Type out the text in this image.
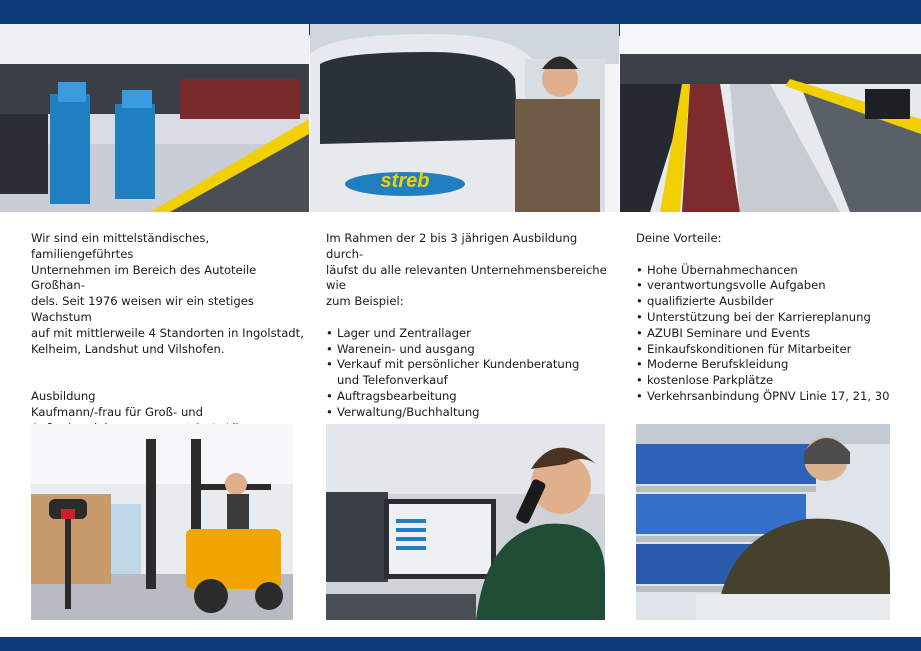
streb

Wir sind ein mittelständisches, familiengeführtes

Unternehmen im Bereich des Autoteile Großhan-

dels. Seit 1976 weisen wir ein stetiges Wachstum

auf mit mittlerweile 4 Standorten in Ingolstadt,

Kelheim, Landshut und Vilshofen.

Ausbildung

Kaufmann/-frau für Groß- und

Im Rahmen der 2 bis 3 jährigen Ausbildung durch-

läufst du alle relevanten Unternehmensbereiche wie

zum Beispiel:

• Lager und Zentrallager
• Warenein- und ausgang
• Verkauf mit persönlicher Kundenberatung
und Telefonverkauf
• Auftragsbearbeitung
• Verwaltung/Buchhaltung

Deine Vorteile:

• Hohe Übernahmechancen
• verantwortungsvolle Aufgaben
• qualifizierte Ausbilder
• Unterstützung bei der Karriereplanung
• AZUBI Seminare und Events
• Einkaufskonditionen für Mitarbeiter
• Moderne Berufskleidung
• kostenlose Parkplätze
• Verkehrsanbindung ÖPNV Linie 17, 21, 30
